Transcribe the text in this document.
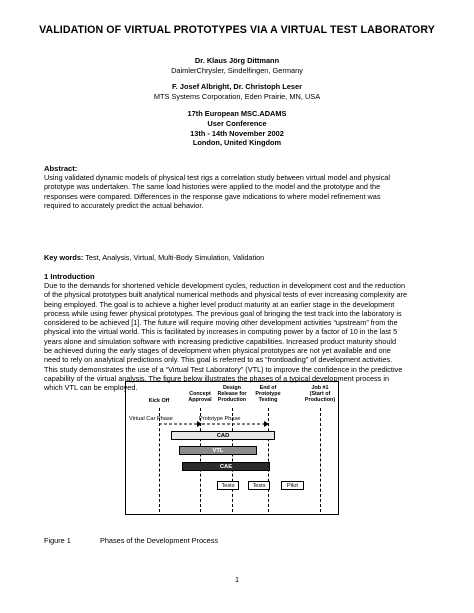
VALIDATION OF VIRTUAL PROTOTYPES VIA A VIRTUAL TEST LABORATORY
Dr. Klaus Jörg Dittmann
DaimlerChrysler, Sindelfingen, Germany
F. Josef Albright, Dr. Christoph Leser
MTS Systems Corporation, Eden Prairie, MN, USA
17th European MSC.ADAMS
User Conference
13th - 14th November 2002
London, United Kingdom
Abstract:
Using validated dynamic models of physical test rigs a correlation study between virtual model and physical
prototype was undertaken. The same load histories were applied to the model and the prototype and the
responses were compared. Differences in the response gave indications to where model refinement was
required to accurately predict the actual behavior.
Key words: Test, Analysis, Virtual, Multi-Body Simulation, Validation
1 Introduction
Due to the demands for shortened vehicle development cycles, reduction in development cost and the reduction
of the physical prototypes built analytical numerical methods and physical tests of ever increasing complexity are
being employed. The goal is to achieve a higher level product maturity at an earlier stage in the development
process while using fewer physical prototypes. The previous goal of bringing the test track into the laboratory is
considered to be achieved [1]. The future will require moving other development activities “upstream” from the
physical into the virtual world. This is facilitated by increases in computing power by a factor of 10 in the last 5
years alone and simulation software with increasing predictive capabilities. Increased product maturity should
be achieved during the early stages of development when physical prototypes are not yet available and one
need to rely on analytical predictions only. This goal is referred to as “frontloading” of development activities.
This study demonstrates the use of a “Virtual Test Laboratory” (VTL) to improve the confidence in the predictive
capability of the virtual analysis. The figure below illustrates the phases of a typical development process in
which VTL can be employed.
Kick Off
Concept
Approval
Design
Release for
Production
End of
Prototype
Testing
Job #1
(Start of
Production)
Virtual Car Phase	Prototype Phase
CAD
VTL
CAE
Tests	Tests	Pilot
Figure 1	Phases of the Development Process
1
